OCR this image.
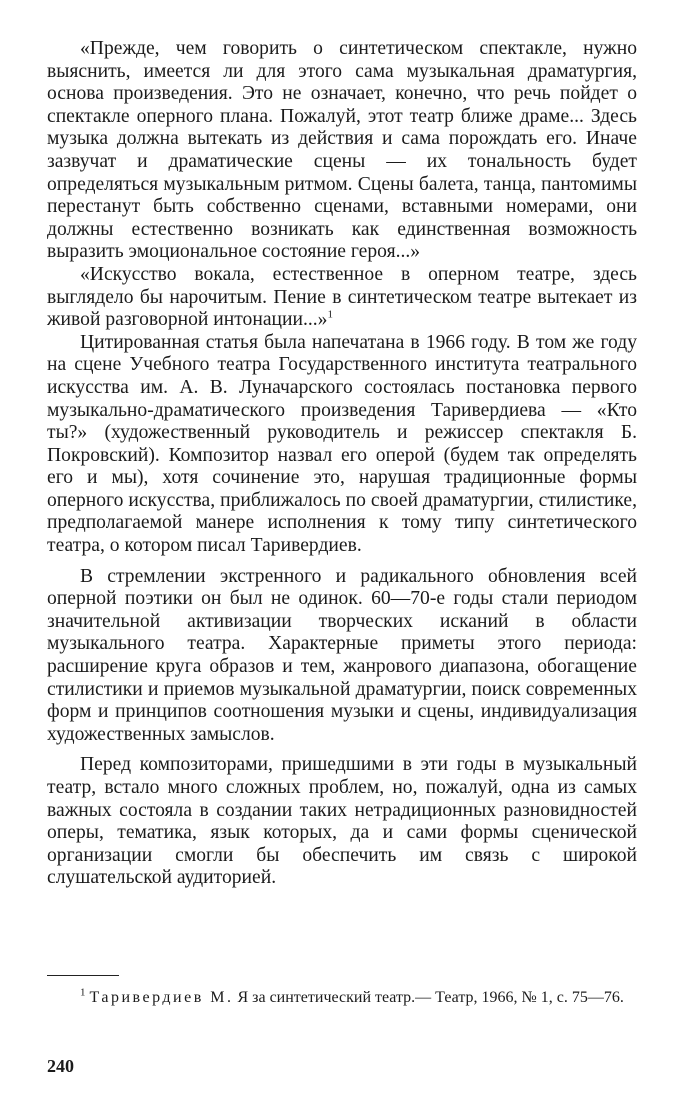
«Прежде, чем говорить о синтетическом спектакле, нужно выяснить, имеется ли для этого сама музыкальная драматургия, основа произведения. Это не означает, конечно, что речь пойдет о спектакле оперного плана. Пожалуй, этот театр ближе драме... Здесь музыка должна вытекать из действия и сама порождать его. Иначе зазвучат и драматические сцены — их тональность будет определяться музыкальным ритмом. Сцены балета, танца, пантомимы перестанут быть собственно сценами, вставными номерами, они должны естественно возникать как единственная возможность выразить эмоциональное состояние героя...»

«Искусство вокала, естественное в оперном театре, здесь выглядело бы нарочитым. Пение в синтетическом театре вытекает из живой разговорной интонации...»$^1$

Цитированная статья была напечатана в 1966 году. В том же году на сцене Учебного театра Государственного института театрального искусства им. А. В. Луначарского состоялась постановка первого музыкально-драматического произведения Таривердиева — «Кто ты?» (художественный руководитель и режиссер спектакля Б. Покровский). Композитор назвал его оперой (будем так определять его и мы), хотя сочинение это, нарушая традиционные формы оперного искусства, приближалось по своей драматургии, стилистике, предполагаемой манере исполнения к тому типу синтетического театра, о котором писал Таривердиев.

В стремлении экстренного и радикального обновления всей оперной поэтики он был не одинок. 60—70-е годы стали периодом значительной активизации творческих исканий в области музыкального театра. Характерные приметы этого периода: расширение круга образов и тем, жанрового диапазона, обогащение стилистики и приемов музыкальной драматургии, поиск современных форм и принципов соотношения музыки и сцены, индивидуализация художественных замыслов.

Перед композиторами, пришедшими в эти годы в музыкальный театр, встало много сложных проблем, но, пожалуй, одна из самых важных состояла в создании таких нетрадиционных разновидностей оперы, тематика, язык которых, да и сами формы сценической организации смогли бы обеспечить им связь с широкой слушательской аудиторией.

$^1$ Таривердиев М. Я за синтетический театр.— Театр, 1966, № 1, с. 75—76.

240
